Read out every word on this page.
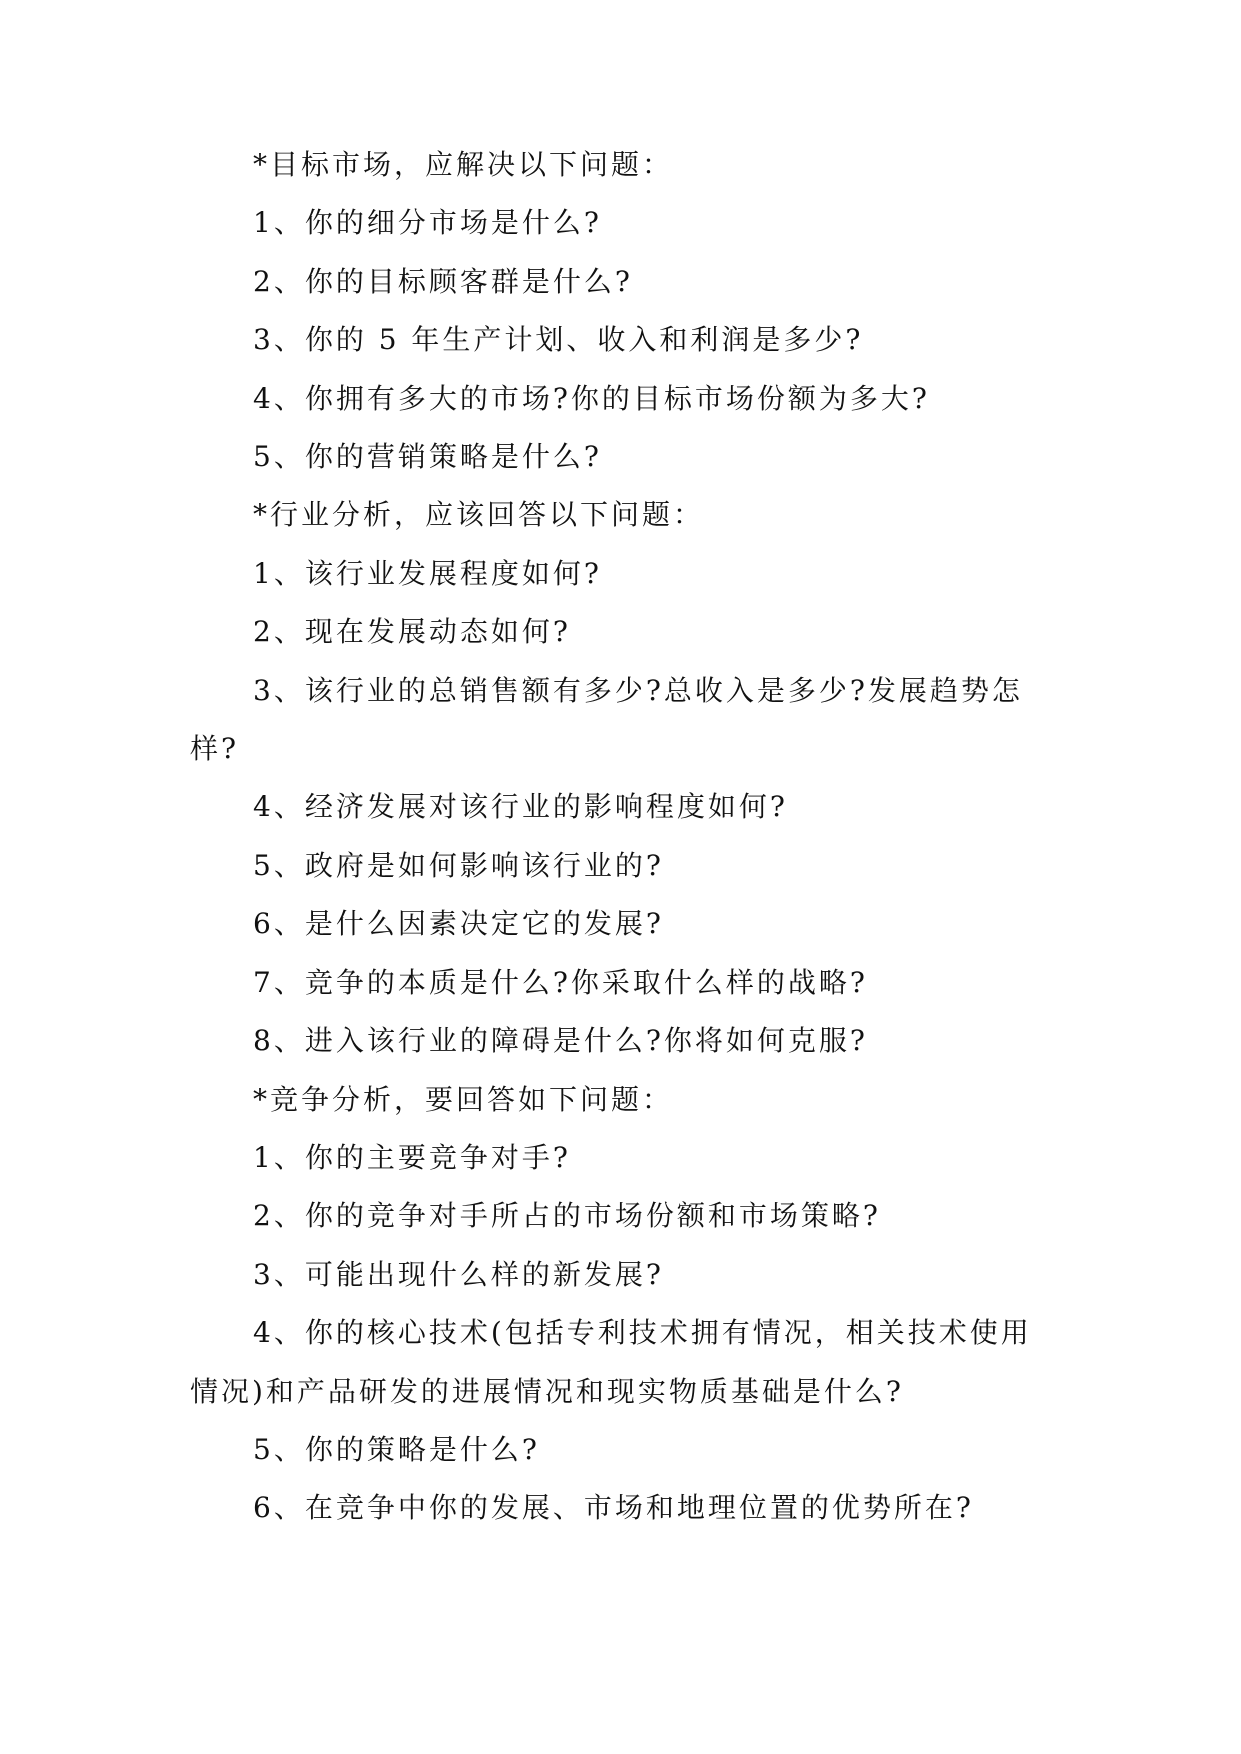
*目标市场，应解决以下问题：

1、你的细分市场是什么?

2、你的目标顾客群是什么?

3、你的 5 年生产计划、收入和利润是多少?

4、你拥有多大的市场?你的目标市场份额为多大?

5、你的营销策略是什么?

*行业分析，应该回答以下问题：

1、该行业发展程度如何?

2、现在发展动态如何?

3、该行业的总销售额有多少?总收入是多少?发展趋势怎样?

4、经济发展对该行业的影响程度如何?

5、政府是如何影响该行业的?

6、是什么因素决定它的发展?

7、竞争的本质是什么?你采取什么样的战略?

8、进入该行业的障碍是什么?你将如何克服?

*竞争分析，要回答如下问题：

1、你的主要竞争对手?

2、你的竞争对手所占的市场份额和市场策略?

3、可能出现什么样的新发展?

4、你的核心技术(包括专利技术拥有情况，相关技术使用情况)和产品研发的进展情况和现实物质基础是什么?

5、你的策略是什么?

6、在竞争中你的发展、市场和地理位置的优势所在?
